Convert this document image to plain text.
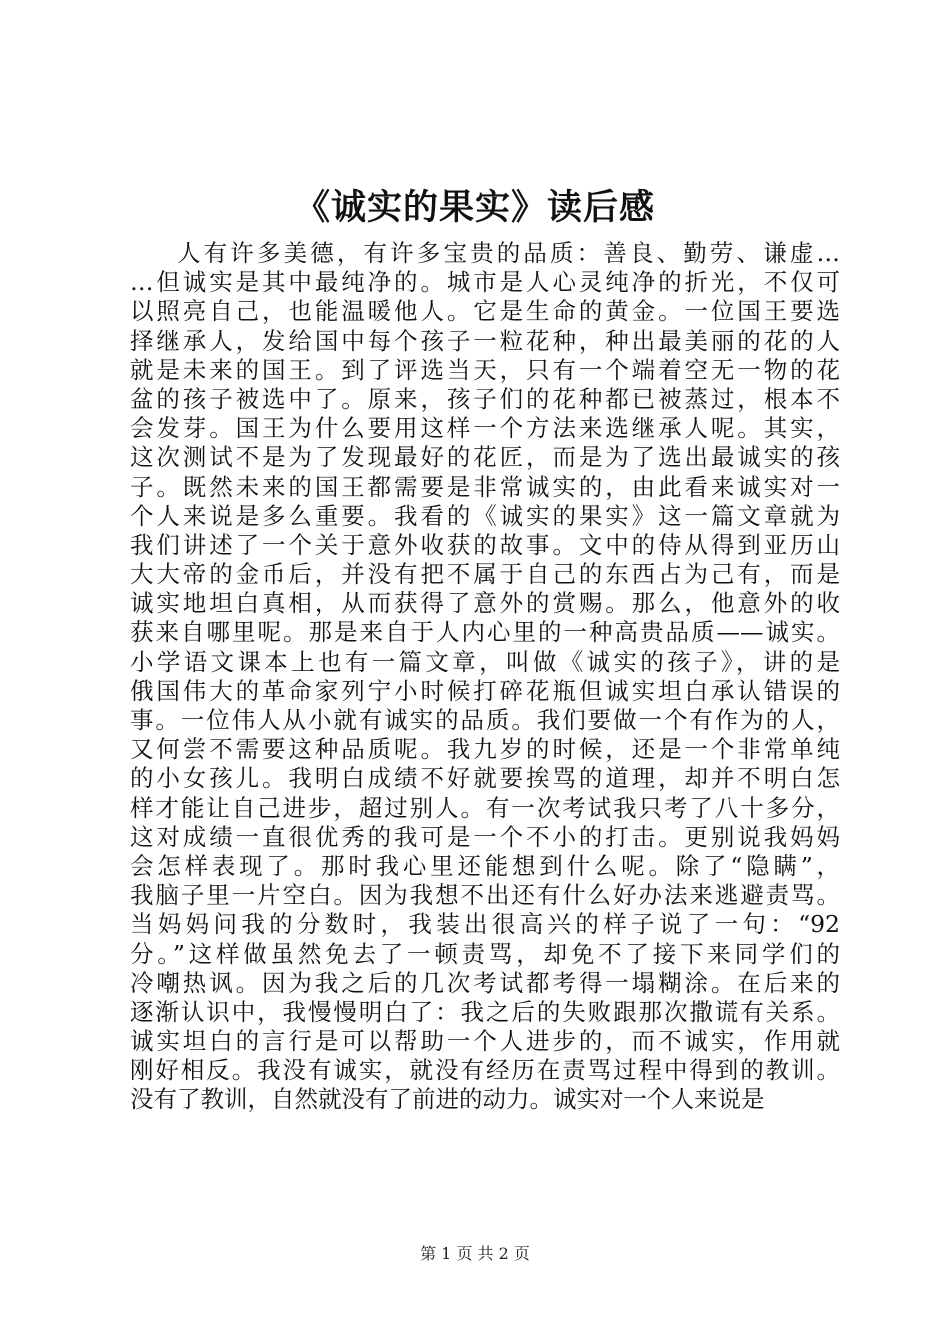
《诚实的果实》读后感
人有许多美德，有许多宝贵的品质：善良、勤劳、谦虚…
…但诚实是其中最纯净的。城市是人心灵纯净的折光，不仅可
以照亮自己，也能温暖他人。它是生命的黄金。一位国王要选
择继承人，发给国中每个孩子一粒花种，种出最美丽的花的人
就是未来的国王。到了评选当天，只有一个端着空无一物的花
盆的孩子被选中了。原来，孩子们的花种都已被蒸过，根本不
会发芽。国王为什么要用这样一个方法来选继承人呢。其实，
这次测试不是为了发现最好的花匠，而是为了选出最诚实的孩
子。既然未来的国王都需要是非常诚实的，由此看来诚实对一
个人来说是多么重要。我看的《诚实的果实》这一篇文章就为
我们讲述了一个关于意外收获的故事。文中的侍从得到亚历山
大大帝的金币后，并没有把不属于自己的东西占为己有，而是
诚实地坦白真相，从而获得了意外的赏赐。那么，他意外的收
获来自哪里呢。那是来自于人内心里的一种高贵品质——诚实。
小学语文课本上也有一篇文章，叫做《诚实的孩子》，讲的是
俄国伟大的革命家列宁小时候打碎花瓶但诚实坦白承认错误的
事。一位伟人从小就有诚实的品质。我们要做一个有作为的人，
又何尝不需要这种品质呢。我九岁的时候，还是一个非常单纯
的小女孩儿。我明白成绩不好就要挨骂的道理，却并不明白怎
样才能让自己进步，超过别人。有一次考试我只考了八十多分，
这对成绩一直很优秀的我可是一个不小的打击。更别说我妈妈
会怎样表现了。那时我心里还能想到什么呢。除了“隐瞒”，
我脑子里一片空白。因为我想不出还有什么好办法来逃避责骂。
当妈妈问我的分数时，我装出很高兴的样子说了一句：“92
分。”这样做虽然免去了一顿责骂，却免不了接下来同学们的
冷嘲热讽。因为我之后的几次考试都考得一塌糊涂。在后来的
逐渐认识中，我慢慢明白了：我之后的失败跟那次撒谎有关系。
诚实坦白的言行是可以帮助一个人进步的，而不诚实，作用就
刚好相反。我没有诚实，就没有经历在责骂过程中得到的教训。
没有了教训，自然就没有了前进的动力。诚实对一个人来说是
第 1 页 共 2 页
